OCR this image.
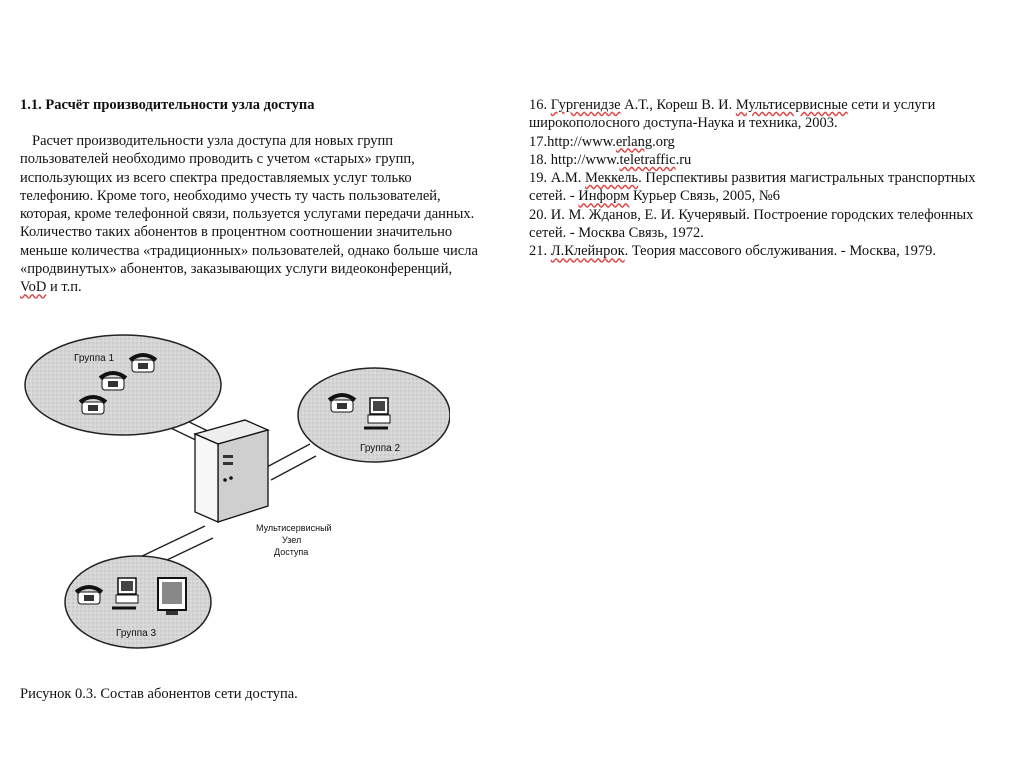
1.1. Расчёт производительности узла доступа

Расчет производительности узла доступа для новых групп пользователей необходимо проводить с учетом «старых» групп, использующих из всего спектра предоставляемых услуг только телефонию. Кроме того, необходимо учесть ту часть пользователей, которая, кроме телефонной связи, пользуется услугами передачи данных. Количество таких абонентов в процентном соотношении значительно меньше количества «традиционных» пользователей, однако больше числа «продвинутых» абонентов, заказывающих услуги видеоконференций, VoD и т.п.

Группа 1
Группа 2
Группа 3
Мультисервисный
Узел
Доступа
Рисунок 0.3. Состав абонентов сети доступа.

16. Гургенидзе А.Т., Кореш В. И. Мультисервисные сети и услуги широкополосного доступа-Наука и техника, 2003.

17.http://www.erlang.org

18. http://www.teletraffic.ru

19. А.М. Меккель. Перспективы развития магистральных транспортных сетей. - Информ Курьер Связь, 2005, №6

20. И. М. Жданов, Е. И. Кучерявый. Построение городских телефонных сетей. - Москва Связь, 1972.

21. Л.Клейнрок. Теория массового обслуживания. - Москва, 1979.
